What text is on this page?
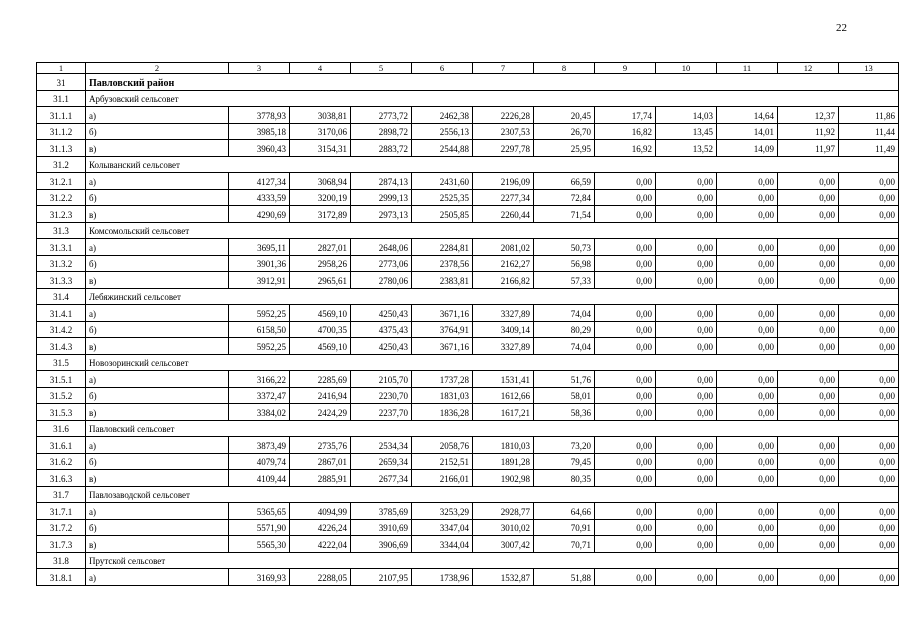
22
1	2	3	4	5	6	7	8	9	10	11	12	13
31	Павловский район											
31.1	Арбузовский сельсовет											
31.1.1	а)	3778,93	3038,81	2773,72	2462,38	2226,28	20,45	17,74	14,03	14,64	12,37	11,86
31.1.2	б)	3985,18	3170,06	2898,72	2556,13	2307,53	26,70	16,82	13,45	14,01	11,92	11,44
31.1.3	в)	3960,43	3154,31	2883,72	2544,88	2297,78	25,95	16,92	13,52	14,09	11,97	11,49
31.2	Колыванский сельсовет											
31.2.1	а)	4127,34	3068,94	2874,13	2431,60	2196,09	66,59	0,00	0,00	0,00	0,00	0,00
31.2.2	б)	4333,59	3200,19	2999,13	2525,35	2277,34	72,84	0,00	0,00	0,00	0,00	0,00
31.2.3	в)	4290,69	3172,89	2973,13	2505,85	2260,44	71,54	0,00	0,00	0,00	0,00	0,00
31.3	Комсомольский сельсовет											
31.3.1	а)	3695,11	2827,01	2648,06	2284,81	2081,02	50,73	0,00	0,00	0,00	0,00	0,00
31.3.2	б)	3901,36	2958,26	2773,06	2378,56	2162,27	56,98	0,00	0,00	0,00	0,00	0,00
31.3.3	в)	3912,91	2965,61	2780,06	2383,81	2166,82	57,33	0,00	0,00	0,00	0,00	0,00
31.4	Лебяжинский сельсовет											
31.4.1	а)	5952,25	4569,10	4250,43	3671,16	3327,89	74,04	0,00	0,00	0,00	0,00	0,00
31.4.2	б)	6158,50	4700,35	4375,43	3764,91	3409,14	80,29	0,00	0,00	0,00	0,00	0,00
31.4.3	в)	5952,25	4569,10	4250,43	3671,16	3327,89	74,04	0,00	0,00	0,00	0,00	0,00
31.5	Новозоринский сельсовет											
31.5.1	а)	3166,22	2285,69	2105,70	1737,28	1531,41	51,76	0,00	0,00	0,00	0,00	0,00
31.5.2	б)	3372,47	2416,94	2230,70	1831,03	1612,66	58,01	0,00	0,00	0,00	0,00	0,00
31.5.3	в)	3384,02	2424,29	2237,70	1836,28	1617,21	58,36	0,00	0,00	0,00	0,00	0,00
31.6	Павловский сельсовет											
31.6.1	а)	3873,49	2735,76	2534,34	2058,76	1810,03	73,20	0,00	0,00	0,00	0,00	0,00
31.6.2	б)	4079,74	2867,01	2659,34	2152,51	1891,28	79,45	0,00	0,00	0,00	0,00	0,00
31.6.3	в)	4109,44	2885,91	2677,34	2166,01	1902,98	80,35	0,00	0,00	0,00	0,00	0,00
31.7	Павлозаводской сельсовет											
31.7.1	а)	5365,65	4094,99	3785,69	3253,29	2928,77	64,66	0,00	0,00	0,00	0,00	0,00
31.7.2	б)	5571,90	4226,24	3910,69	3347,04	3010,02	70,91	0,00	0,00	0,00	0,00	0,00
31.7.3	в)	5565,30	4222,04	3906,69	3344,04	3007,42	70,71	0,00	0,00	0,00	0,00	0,00
31.8	Прутской сельсовет											
31.8.1	а)	3169,93	2288,05	2107,95	1738,96	1532,87	51,88	0,00	0,00	0,00	0,00	0,00
